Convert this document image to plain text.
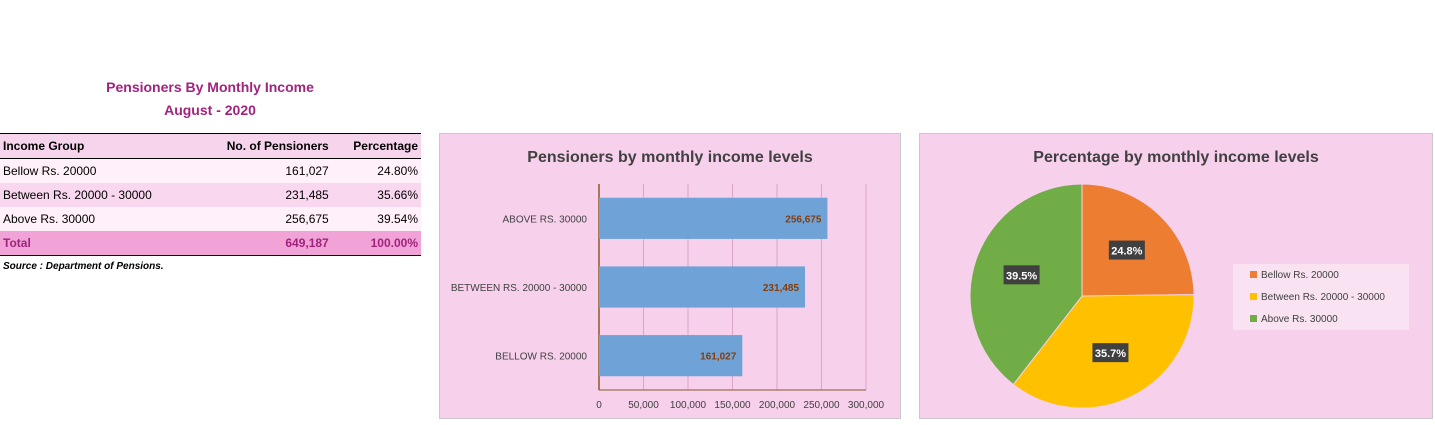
Pensioners By Monthly Income
August - 2020
Income Group	No. of Pensioners	Percentage
Bellow Rs. 20000	161,027	24.80%
Between Rs. 20000 - 30000	231,485	35.66%
Above Rs. 30000	256,675	39.54%
Total	649,187	100.00%
Source : Department of Pensions.
Pensioners by monthly income levels
0	50,000 100,000 150,000 200,000 250,000 300,000
256,675
ABOVE RS. 30000
231,485
BETWEEN RS. 20000 - 30000
161,027
BELLOW RS. 20000
Percentage by monthly income levels
24.8%
35.7%
39.5%	Bellow Rs. 20000
Between Rs. 20000 - 30000
Above Rs. 30000
